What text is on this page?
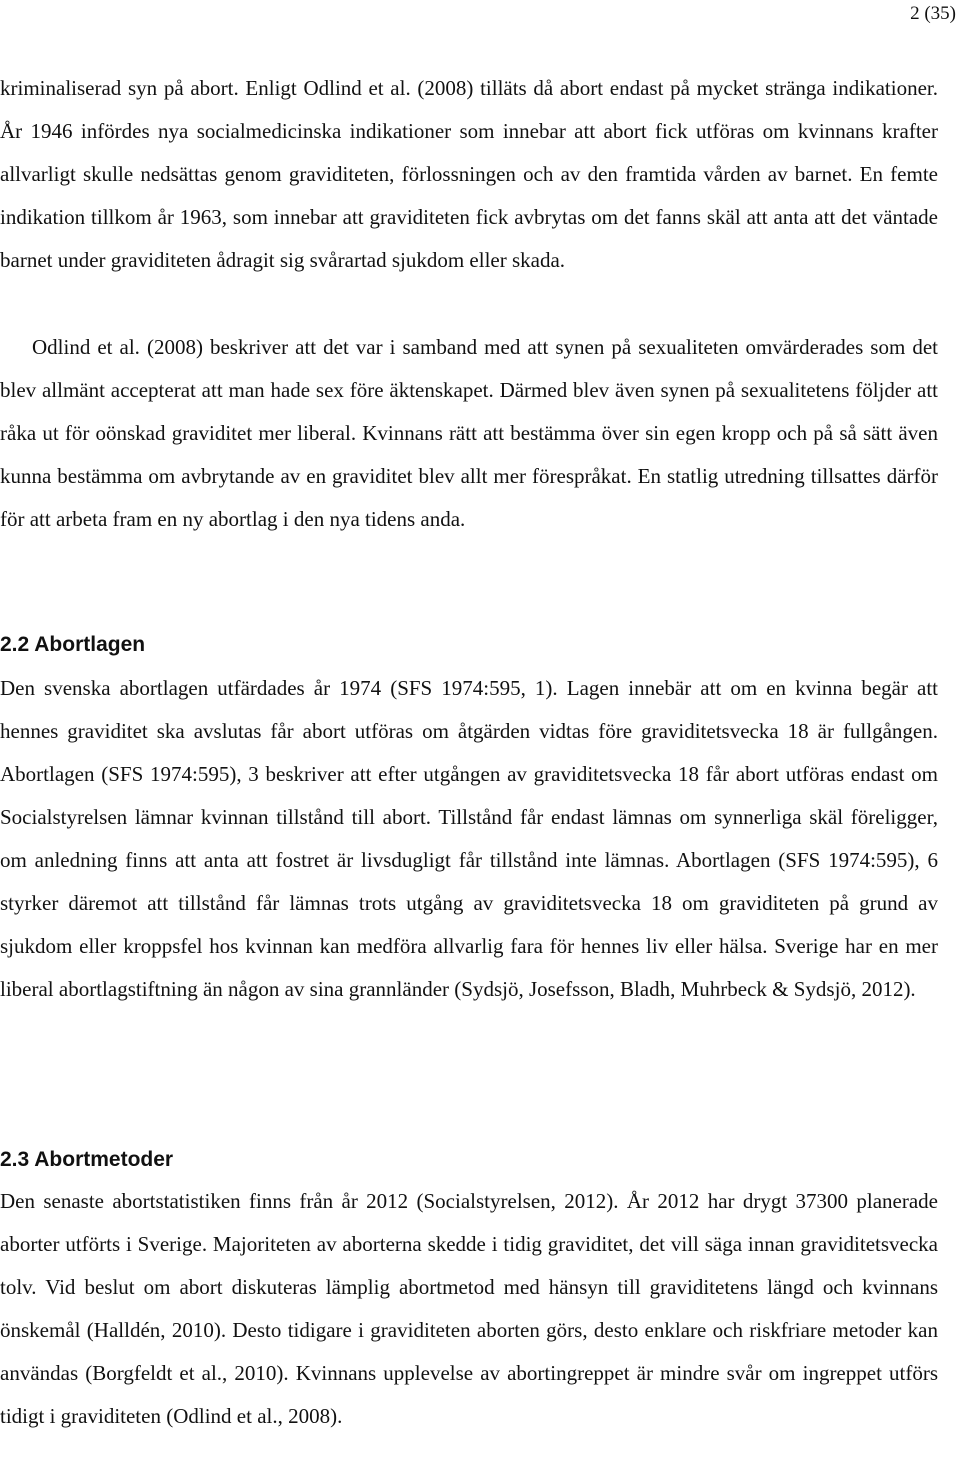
2 (35)

kriminaliserad syn på abort. Enligt Odlind et al. (2008) tilläts då abort endast på mycket stränga indikationer. År 1946 infördes nya socialmedicinska indikationer som innebar att abort fick utföras om kvinnans krafter allvarligt skulle nedsättas genom graviditeten, förlossningen och av den framtida vården av barnet. En femte indikation tillkom år 1963, som innebar att graviditeten fick avbrytas om det fanns skäl att anta att det väntade barnet under graviditeten ådragit sig svårartad sjukdom eller skada.

Odlind et al. (2008) beskriver att det var i samband med att synen på sexualiteten omvärderades som det blev allmänt accepterat att man hade sex före äktenskapet. Därmed blev även synen på sexualitetens följder att råka ut för oönskad graviditet mer liberal. Kvinnans rätt att bestämma över sin egen kropp och på så sätt även kunna bestämma om avbrytande av en graviditet blev allt mer förespråkat. En statlig utredning tillsattes därför för att arbeta fram en ny abortlag i den nya tidens anda.

2.2 Abortlagen

Den svenska abortlagen utfärdades år 1974 (SFS 1974:595, 1). Lagen innebär att om en kvinna begär att hennes graviditet ska avslutas får abort utföras om åtgärden vidtas före graviditetsvecka 18 är fullgången. Abortlagen (SFS 1974:595), 3 beskriver att efter utgången av graviditetsvecka 18 får abort utföras endast om Socialstyrelsen lämnar kvinnan tillstånd till abort. Tillstånd får endast lämnas om synnerliga skäl föreligger, om anledning finns att anta att fostret är livsdugligt får tillstånd inte lämnas. Abortlagen (SFS 1974:595), 6 styrker däremot att tillstånd får lämnas trots utgång av graviditetsvecka 18 om graviditeten på grund av sjukdom eller kroppsfel hos kvinnan kan medföra allvarlig fara för hennes liv eller hälsa. Sverige har en mer liberal abortlagstiftning än någon av sina grannländer (Sydsjö, Josefsson, Bladh, Muhrbeck & Sydsjö, 2012).

2.3 Abortmetoder

Den senaste abortstatistiken finns från år 2012 (Socialstyrelsen, 2012). År 2012 har drygt 37300 planerade aborter utförts i Sverige. Majoriteten av aborterna skedde i tidig graviditet, det vill säga innan graviditetsvecka tolv. Vid beslut om abort diskuteras lämplig abortmetod med hänsyn till graviditetens längd och kvinnans önskemål (Halldén, 2010). Desto tidigare i graviditeten aborten görs, desto enklare och riskfriare metoder kan användas (Borgfeldt et al., 2010). Kvinnans upplevelse av abortingreppet är mindre svår om ingreppet utförs tidigt i graviditeten (Odlind et al., 2008).
